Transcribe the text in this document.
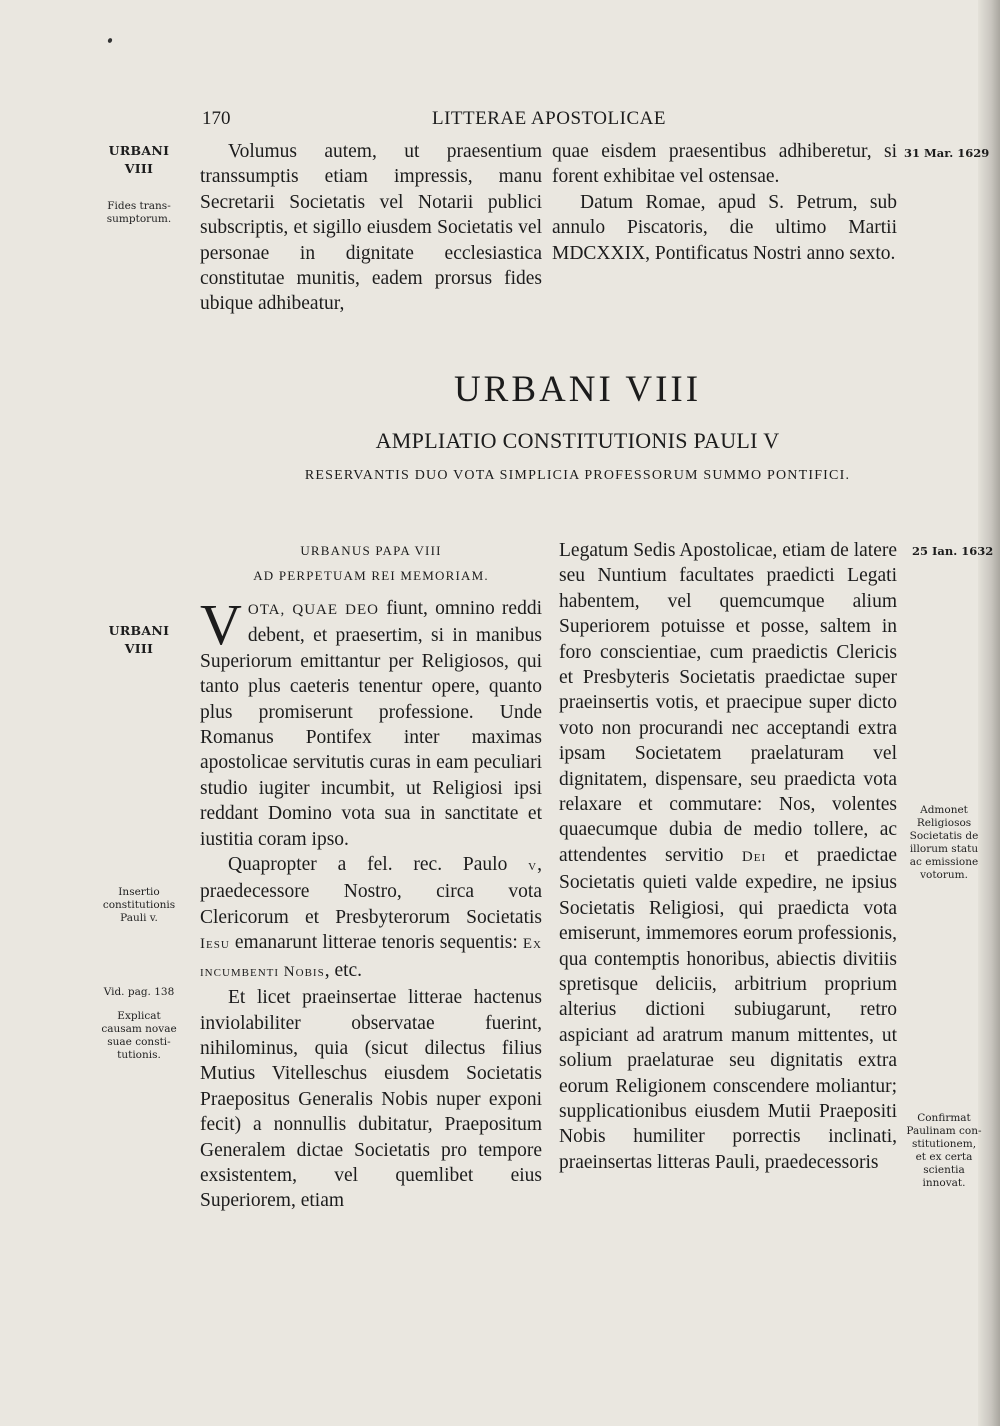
170	LITTERAE APOSTOLICAE
URBANI
VIII
Fides trans-
sumptorum.
31 Mar. 1629

Volumus autem, ut praesentium transsumptis etiam impressis, manu Secretarii Societatis vel Notarii publici subscriptis, et sigillo eiusdem Societatis vel personae in dignitate ecclesiastica constitutae munitis, eadem prorsus fides ubique adhibeatur,

quae eisdem praesentibus adhiberetur, si forent exhibitae vel ostensae.

Datum Romae, apud S. Petrum, sub annulo Piscatoris, die ultimo Martii MDCXXIX, Pontificatus Nostri anno sexto.

URBANI VIII
AMPLIATIO CONSTITUTIONIS PAULI V
RESERVANTIS DUO VOTA SIMPLICIA PROFESSORUM SUMMO PONTIFICI.
URBANI
VIII
Insertio
constitutionis
Pauli v.
Vid. pag. 138
Explicat
causam novae
suae consti-
tutionis.
25 Ian. 1632
Admonet
Religiosos
Societatis de
illorum statu
ac emissione
votorum.
Confirmat
Paulinam con-
stitutionem,
et ex certa
scientia
innovat.
URBANUS PAPA VIII
AD PERPETUAM REI MEMORIAM.

VOTA, QUAE DEO fiunt, omnino reddi debent, et praesertim, si in manibus Superiorum emittantur per Religiosos, qui tanto plus caeteris tenentur opere, quanto plus promiserunt professione. Unde Romanus Pontifex inter maximas apostolicae servitutis curas in eam peculiari studio iugiter incumbit, ut Religiosi ipsi reddant Domino vota sua in sanctitate et iustitia coram ipso.

Quapropter a fel. rec. Paulo v, praedecessore Nostro, circa vota Clericorum et Presbyterorum Societatis Iesu emanarunt litterae tenoris sequentis: Ex incumbenti Nobis, etc.

Et licet praeinsertae litterae hactenus inviolabiliter observatae fuerint, nihilominus, quia (sicut dilectus filius Mutius Vitelleschus eiusdem Societatis Praepositus Generalis Nobis nuper exponi fecit) a nonnullis dubitatur, Praepositum Generalem dictae Societatis pro tempore exsistentem, vel quemlibet eius Superiorem, etiam

Legatum Sedis Apostolicae, etiam de latere seu Nuntium facultates praedicti Legati habentem, vel quemcumque alium Superiorem potuisse et posse, saltem in foro conscientiae, cum praedictis Clericis et Presbyteris Societatis praedictae super praeinsertis votis, et praecipue super dicto voto non procurandi nec acceptandi extra ipsam Societatem praelaturam vel dignitatem, dispensare, seu praedicta vota relaxare et commutare: Nos, volentes quaecumque dubia de medio tollere, ac attendentes servitio Dei et praedictae Societatis quieti valde expedire, ne ipsius Societatis Religiosi, qui praedicta vota emiserunt, immemores eorum professionis, qua contemptis honoribus, abiectis divitiis spretisque deliciis, arbitrium proprium alterius dictioni subiugarunt, retro aspiciant ad aratrum manum mittentes, ut solium praelaturae seu dignitatis extra eorum Religionem conscendere moliantur; supplicationibus eiusdem Mutii Praepositi Nobis humiliter porrectis inclinati, praeinsertas litteras Pauli, praedecessoris
